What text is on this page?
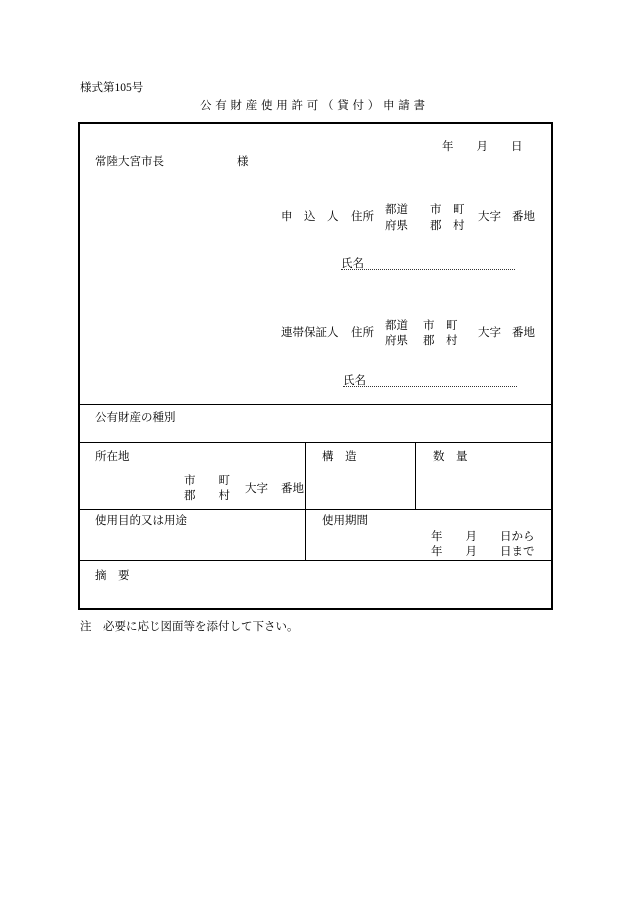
様式第105号
公有財産使用許可（貸付）申請書
年　　月　　日
常陸大宮市長	様
申　込　人 住所
都道
府県
市　町
郡　村
大字 番地
氏名
連帯保証人 住所
都道
府県
市　町
郡　村
大字 番地
氏名
公有財産の種別
所在地	構　造	数　量
市　　町
郡　　村
大字 番地
使用目的又は用途	使用期間
年　　月　　日から
年　　月　　日まで
摘　要
注　必要に応じ図面等を添付して下さい。
